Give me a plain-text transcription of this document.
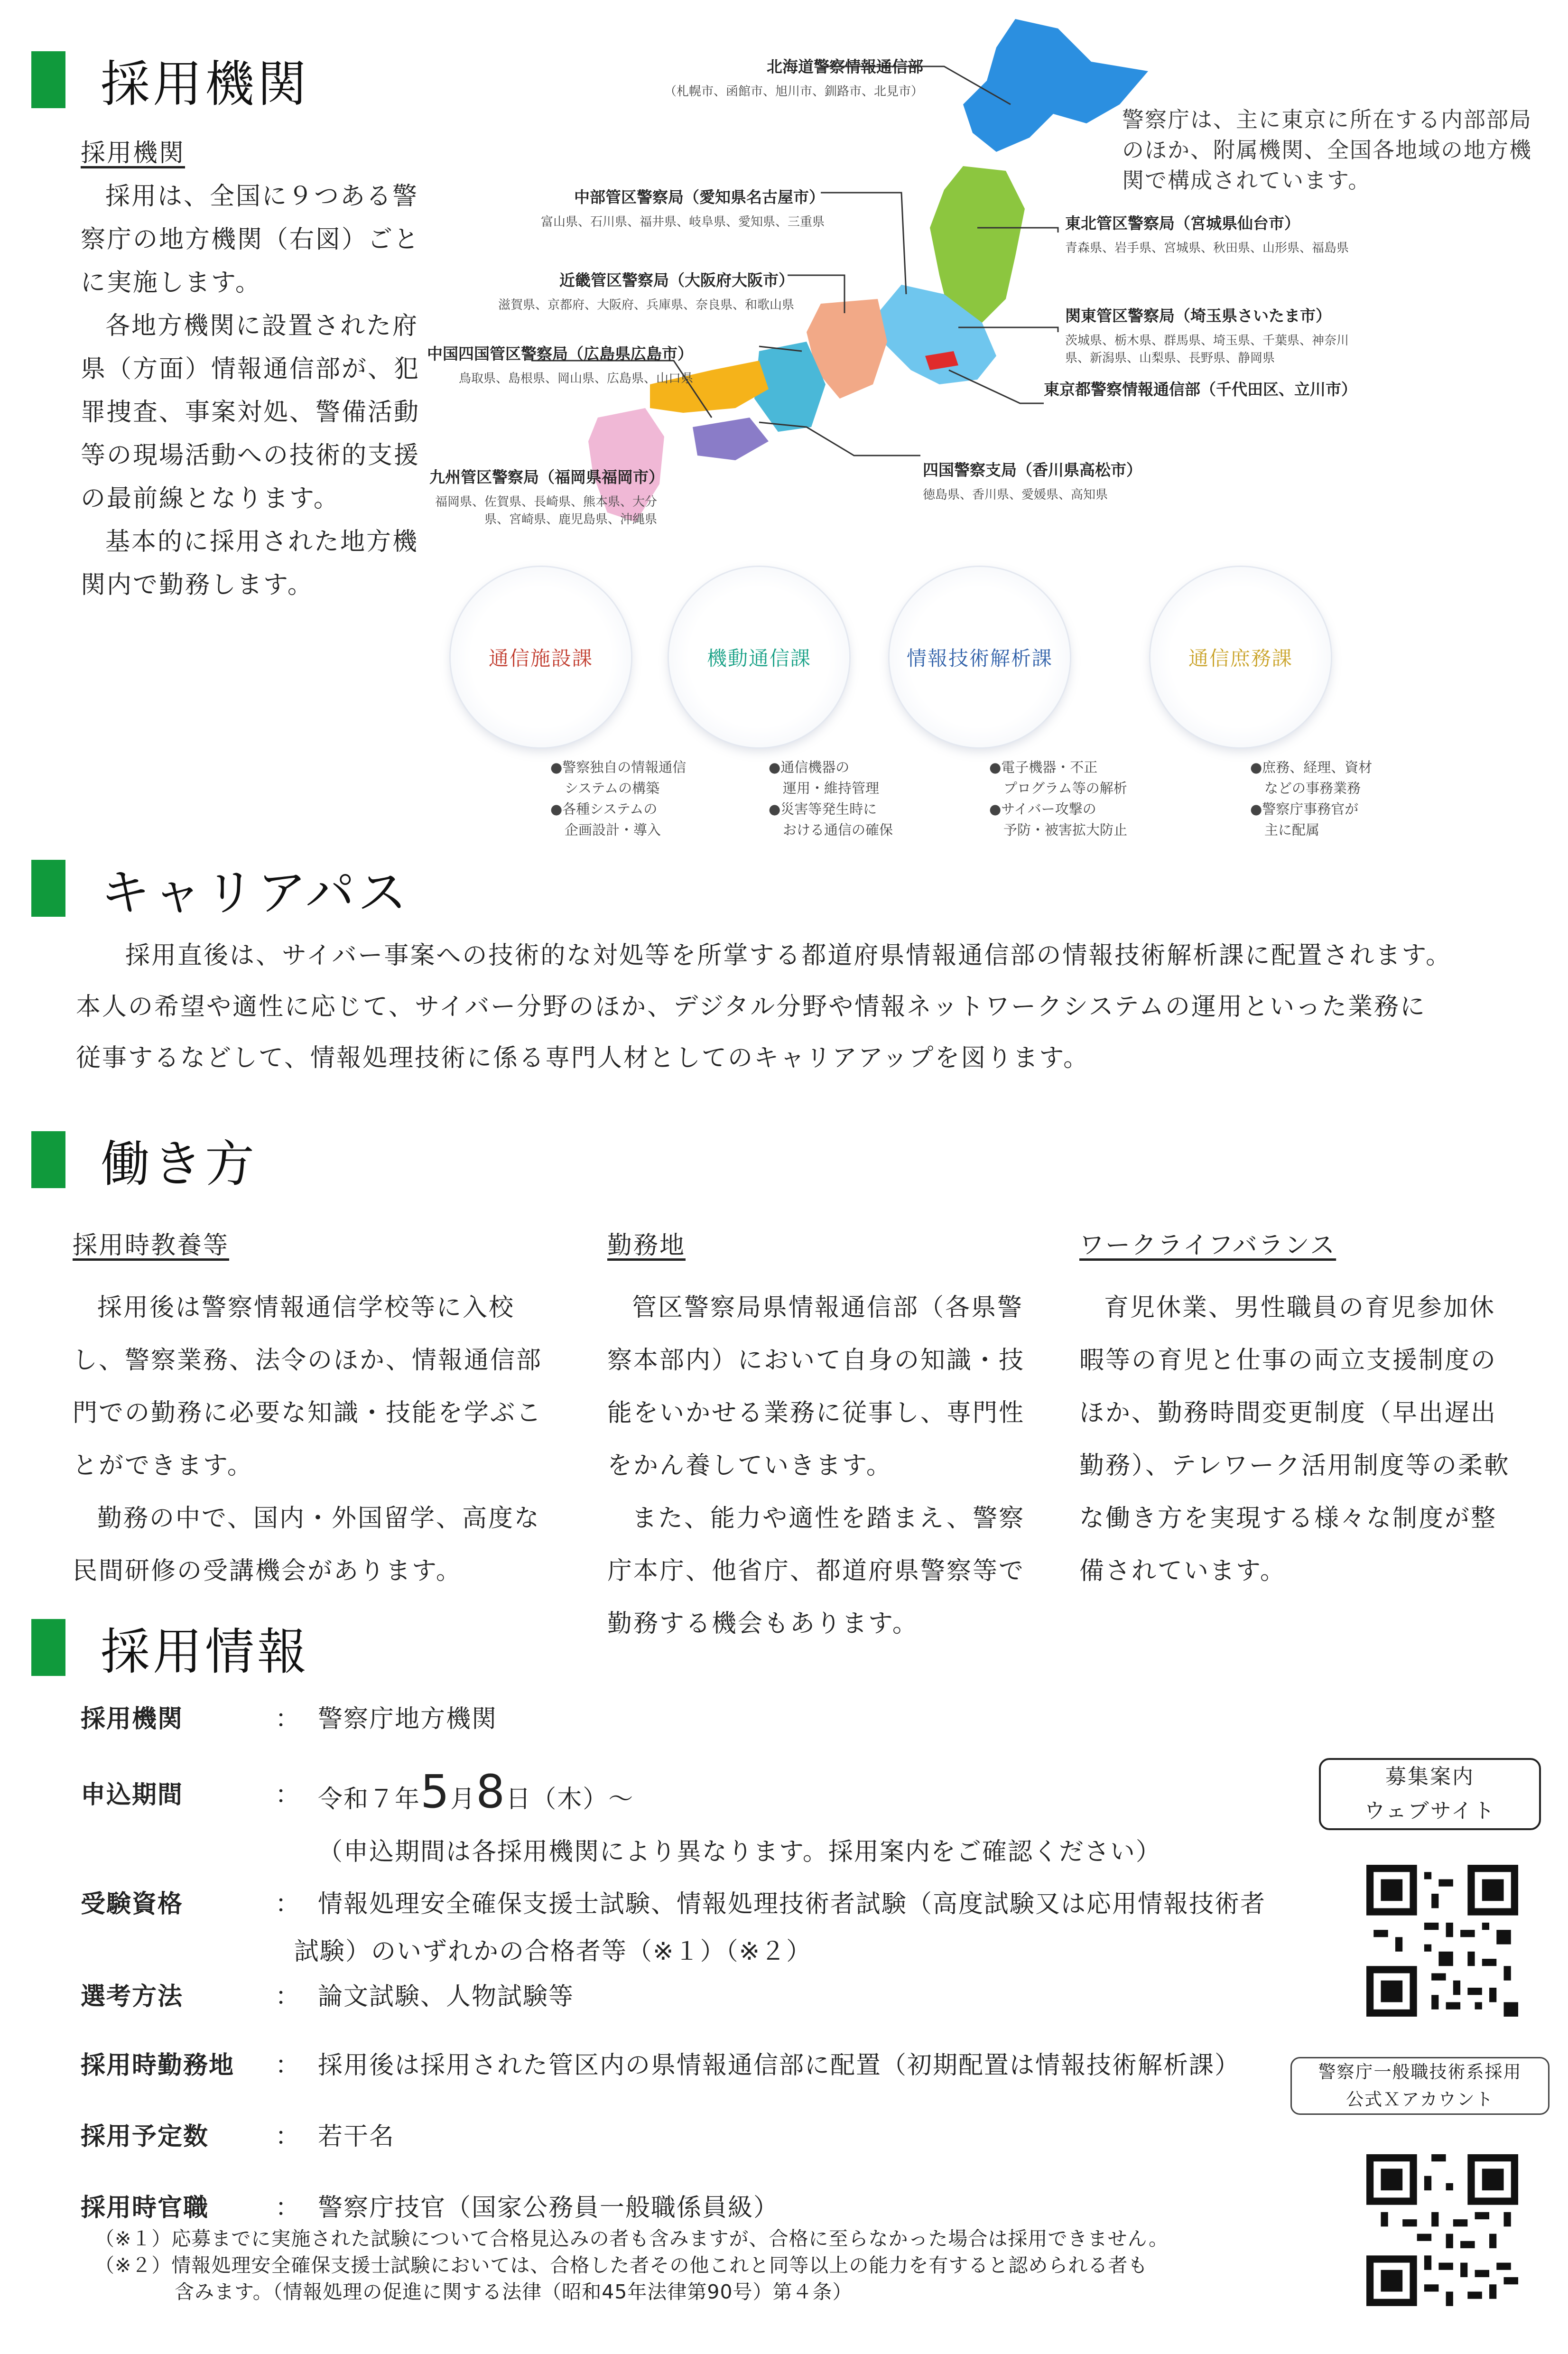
採用機関
採用機関

採用は、全国に９つある警察庁の地方機関（右図）ごとに実施します。

各地方機関に設置された府県（方面）情報通信部が、犯罪捜査、事案対処、警備活動等の現場活動への技術的支援の最前線となります。

基本的に採用された地方機関内で勤務します。

警察庁は、主に東京に所在する内部部局のほか、附属機関、全国各地域の地方機関で構成されています。
北海道警察情報通信部
（札幌市、函館市、旭川市、釧路市、北見市）
中部管区警察局（愛知県名古屋市）
富山県、石川県、福井県、岐阜県、愛知県、三重県
近畿管区警察局（大阪府大阪市）
滋賀県、京都府、大阪府、兵庫県、奈良県、和歌山県
中国四国管区警察局（広島県広島市）
鳥取県、島根県、岡山県、広島県、山口県
九州管区警察局（福岡県福岡市）
福岡県、佐賀県、長崎県、熊本県、大分県、宮崎県、鹿児島県、沖縄県
東北管区警察局（宮城県仙台市）
青森県、岩手県、宮城県、秋田県、山形県、福島県
関東管区警察局（埼玉県さいたま市）
茨城県、栃木県、群馬県、埼玉県、千葉県、神奈川県、新潟県、山梨県、長野県、静岡県
東京都警察情報通信部（千代田区、立川市）
四国警察支局（香川県高松市）
徳島県、香川県、愛媛県、高知県
通信施設課	機動通信課	情報技術解析課	通信庶務課
●警察独自の情報通信
システムの構築
●各種システムの
企画設計・導入
●通信機器の
運用・維持管理
●災害等発生時に
おける通信の確保
●電子機器・不正
プログラム等の解析
●サイバー攻撃の
予防・被害拡大防止
●庶務、経理、資材
などの事務業務
●警察庁事務官が
主に配属
キャリアパス

採用直後は、サイバー事案への技術的な対処等を所掌する都道府県情報通信部の情報技術解析課に配置されます。

本人の希望や適性に応じて、サイバー分野のほか、デジタル分野や情報ネットワークシステムの運用といった業務に

従事するなどして、情報処理技術に係る専門人材としてのキャリアアップを図ります。

働き方
採用時教養等

採用後は警察情報通信学校等に入校し、警察業務、法令のほか、情報通信部門での勤務に必要な知識・技能を学ぶことができます。

勤務の中で、国内・外国留学、高度な民間研修の受講機会があります。

勤務地

管区警察局県情報通信部（各県警察本部内）において自身の知識・技能をいかせる業務に従事し、専門性をかん養していきます。

また、能力や適性を踏まえ、警察庁本庁、他省庁、都道府県警察等で勤務する機会もあります。

ワークライフバランス

育児休業、男性職員の育児参加休暇等の育児と仕事の両立支援制度のほか、勤務時間変更制度（早出遅出勤務）、テレワーク活用制度等の柔軟な働き方を実現する様々な制度が整備されています。

採用情報
採用機関	： 警察庁地方機関
申込期間	： 令和７年5月8日（木）～
（申込期間は各採用機関により異なります。採用案内をご確認ください）
受験資格	： 情報処理安全確保支援士試験、情報処理技術者試験（高度試験又は応用情報技術者
試験）のいずれかの合格者等（※１）（※２）
選考方法	： 論文試験、人物試験等
採用時勤務地 ： 採用後は採用された管区内の県情報通信部に配置（初期配置は情報技術解析課）
採用予定数	： 若干名
採用時官職	： 警察庁技官（国家公務員一般職係員級）
（※１）応募までに実施された試験について合格見込みの者も含みますが、合格に至らなかった場合は採用できません。
（※２）情報処理安全確保支援士試験においては、合格した者その他これと同等以上の能力を有すると認められる者も
　　　　含みます。（情報処理の促進に関する法律（昭和45年法律第90号）第４条）
募集案内
ウェブサイト
警察庁一般職技術系採用
公式Ｘアカウント
